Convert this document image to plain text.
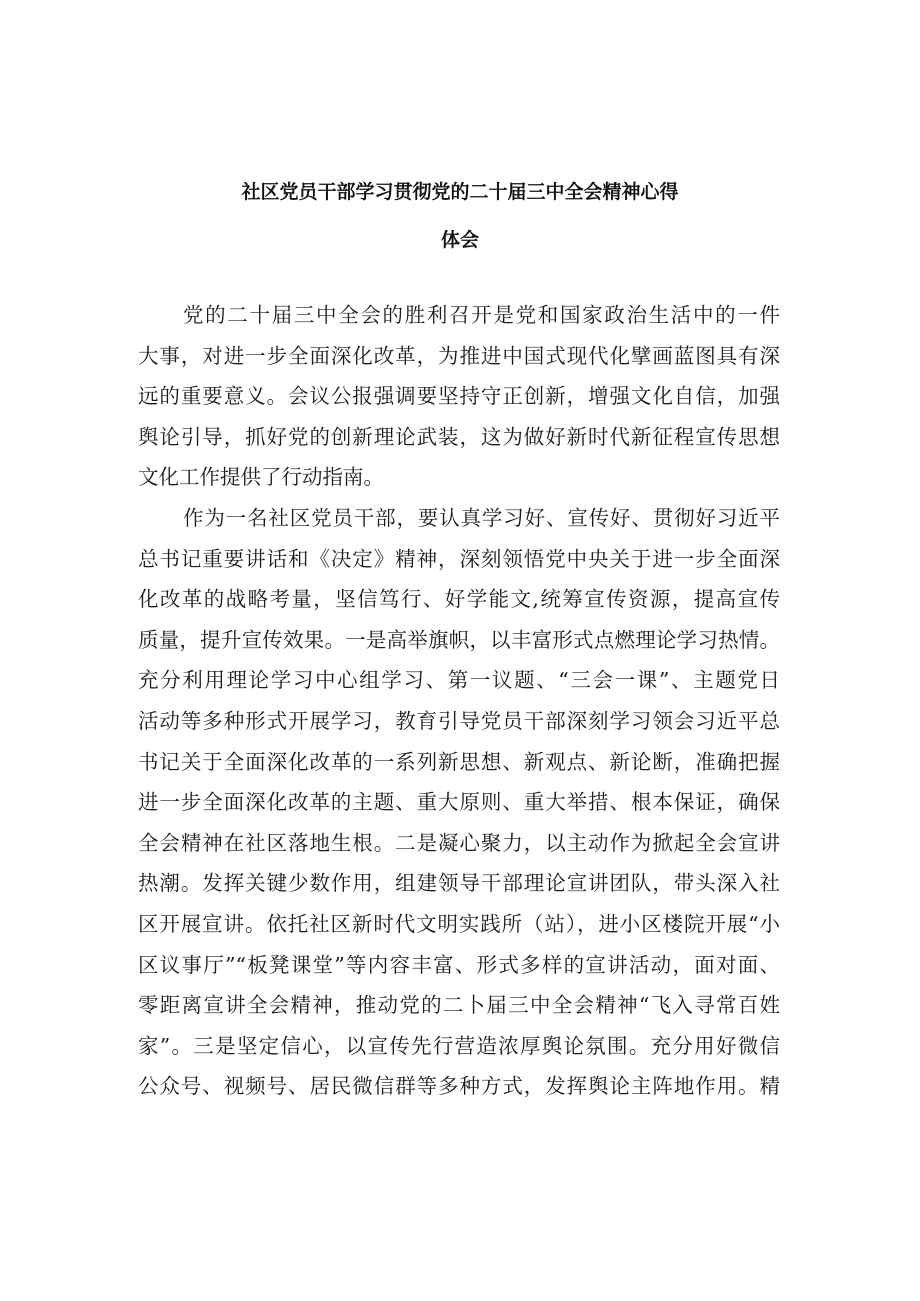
社区党员干部学习贯彻党的二十届三中全会精神心得
体会
党的二十届三中全会的胜利召开是党和国家政治生活中的一件
大事，对进一步全面深化改革，为推进中国式现代化擘画蓝图具有深
远的重要意义。会议公报强调要坚持守正创新，增强文化自信，加强
舆论引导，抓好党的创新理论武装，这为做好新时代新征程宣传思想
文化工作提供了行动指南。
作为一名社区党员干部，要认真学习好、宣传好、贯彻好习近平
总书记重要讲话和《决定》精神，深刻领悟党中央关于进一步全面深
化改革的战略考量，坚信笃行、好学能文,统筹宣传资源，提高宣传
质量，提升宣传效果。一是高举旗帜，以丰富形式点燃理论学习热情。
充分利用理论学习中心组学习、第一议题、“三会一课”、主题党日
活动等多种形式开展学习，教育引导党员干部深刻学习领会习近平总
书记关于全面深化改革的一系列新思想、新观点、新论断，准确把握
进一步全面深化改革的主题、重大原则、重大举措、根本保证，确保
全会精神在社区落地生根。二是凝心聚力，以主动作为掀起全会宣讲
热潮。发挥关键少数作用，组建领导干部理论宣讲团队，带头深入社
区开展宣讲。依托社区新时代文明实践所（站），进小区楼院开展“小
区议事厅”“板凳课堂”等内容丰富、形式多样的宣讲活动，面对面、
零距离宣讲全会精神，推动党的二卜届三中全会精神“飞入寻常百姓
家”。三是坚定信心，以宣传先行营造浓厚舆论氛围。充分用好微信
公众号、视频号、居民微信群等多种方式，发挥舆论主阵地作用。精
